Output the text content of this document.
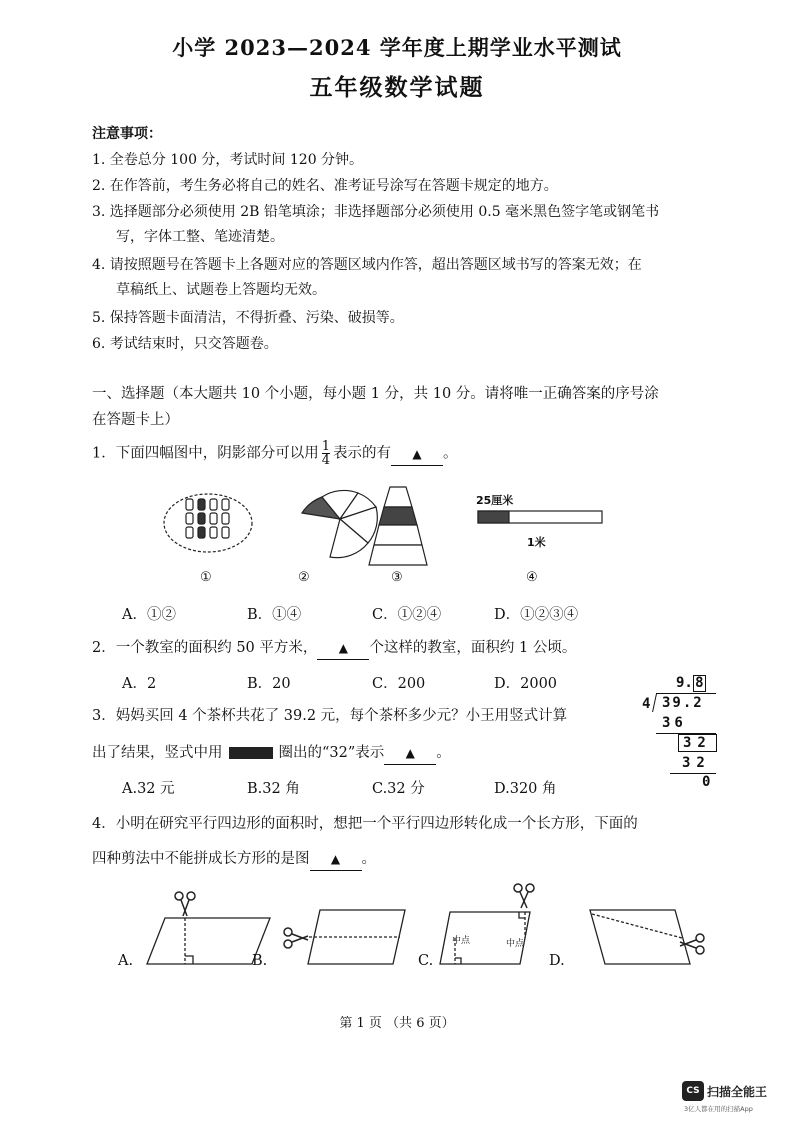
小学 2023—2024 学年度上期学业水平测试
五年级数学试题
注意事项：
1. 全卷总分 100 分，考试时间 120 分钟。
2. 在作答前，考生务必将自己的姓名、准考证号涂写在答题卡规定的地方。
3. 选择题部分必须使用 2B 铅笔填涂；非选择题部分必须使用 0.5 毫米黑色签字笔或钢笔书
写，字体工整、笔迹清楚。
4. 请按照题号在答题卡上各题对应的答题区域内作答，超出答题区域书写的答案无效；在
草稿纸上、试题卷上答题均无效。
5. 保持答题卡面清洁，不得折叠、污染、破损等。
6. 考试结束时，只交答题卷。
一、选择题（本大题共 10 个小题，每小题 1 分，共 10 分。请将唯一正确答案的序号涂
在答题卡上）
1．下面四幅图中，阴影部分可以用 $\frac{1}{4}$ 表示的有 ▲ 。
25厘米
1米
①	②	③	④
A．①②	B．①④	C．①②④	D．①②③④
2．一个教室的面积约 50 平方米， ▲ 个这样的教室，面积约 1 公顷。
A．2	B．20	C．200	D．2000
3．妈妈买回 4 个茶杯共花了 39.2 元，每个茶杯多少元？小王用竖式计算
出了结果，竖式中用	圈出的“32”表示 ▲ 。
A.32 元	B.32 角	C.32 分	D.320 角
9. 8
4 39.2
36
32
32
0
4．小明在研究平行四边形的面积时，想把一个平行四边形转化成一个长方形，下面的
四种剪法中不能拼成长方形的是图 ▲ 。
中点	中点
A.	B.	C.	D.
第 1 页 （共 6 页）
CS 扫描全能王
3亿人都在用的扫描App
